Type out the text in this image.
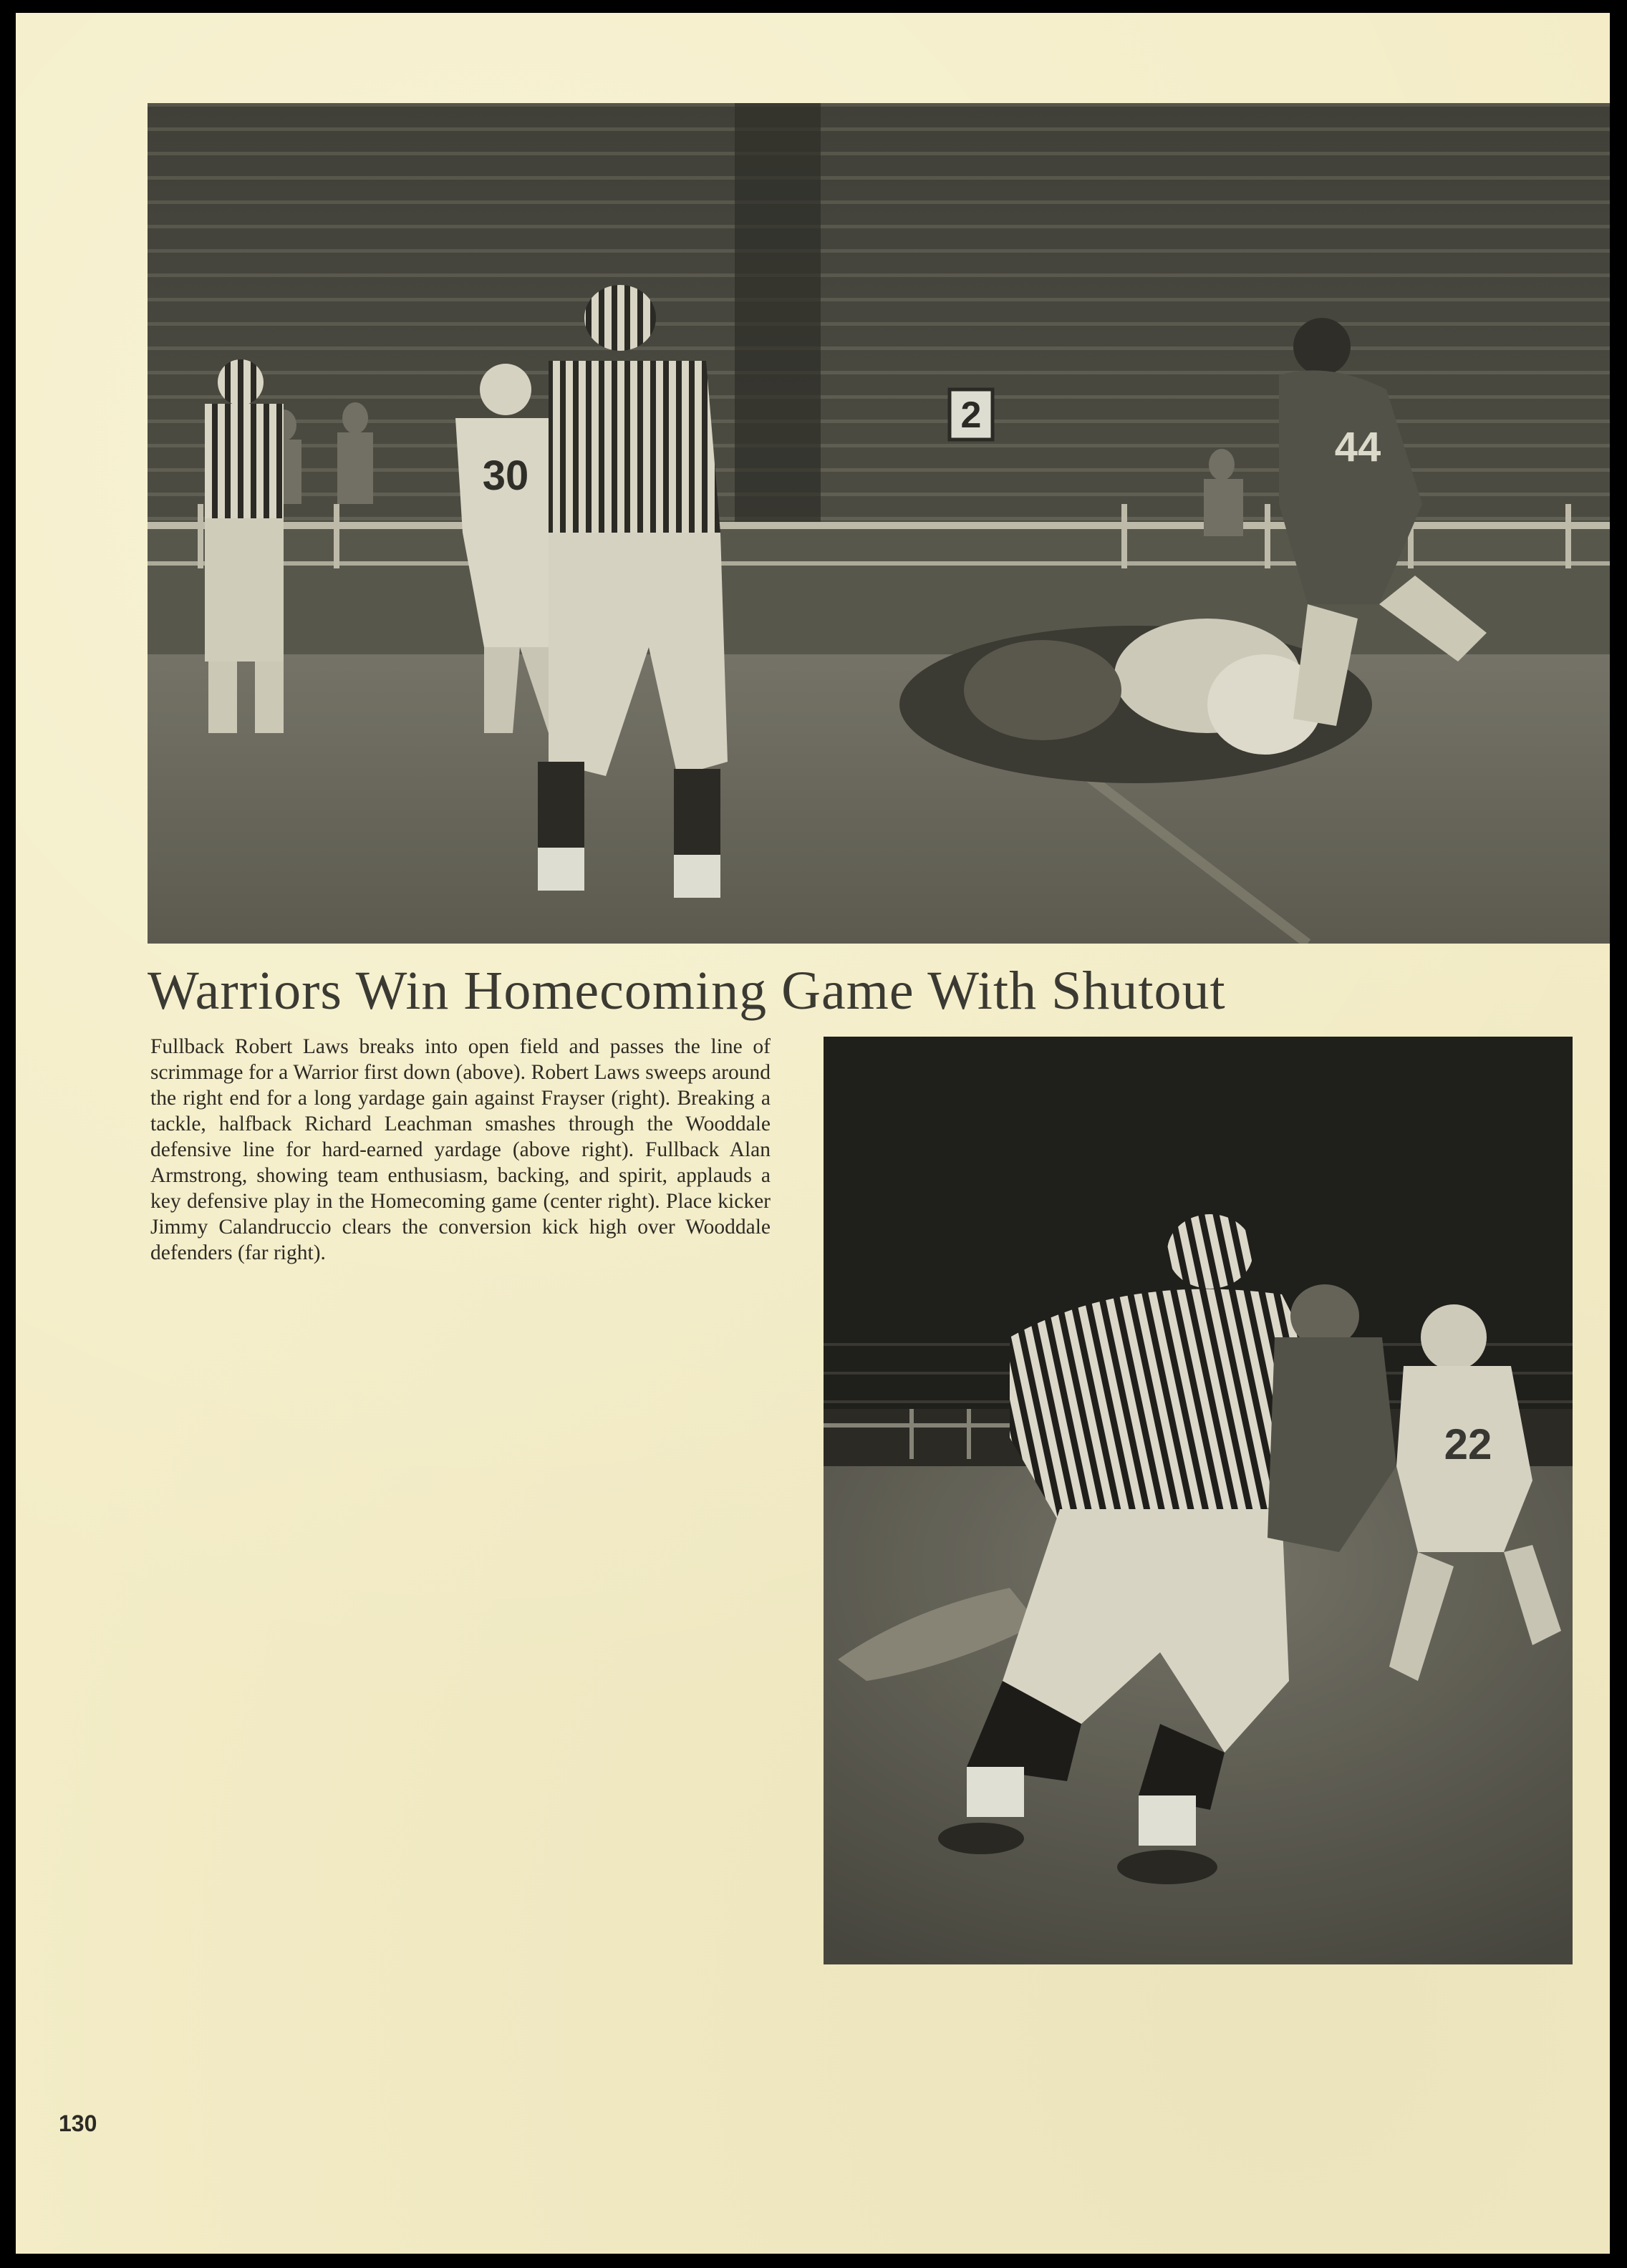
2
44
30
Warriors Win Homecoming Game With Shutout

Fullback Robert Laws breaks into open field and passes the line of scrimmage for a Warrior first down (above). Robert Laws sweeps around the right end for a long yardage gain against Frayser (right). Breaking a tackle, halfback Richard Leachman smashes through the Wooddale defensive line for hard-earned yardage (above right). Fullback Alan Armstrong, showing team enthusiasm, backing, and spirit, applauds a key defensive play in the Homecoming game (center right). Place kicker Jimmy Calandruccio clears the conversion kick high over Wooddale defenders (far right).

22
130
